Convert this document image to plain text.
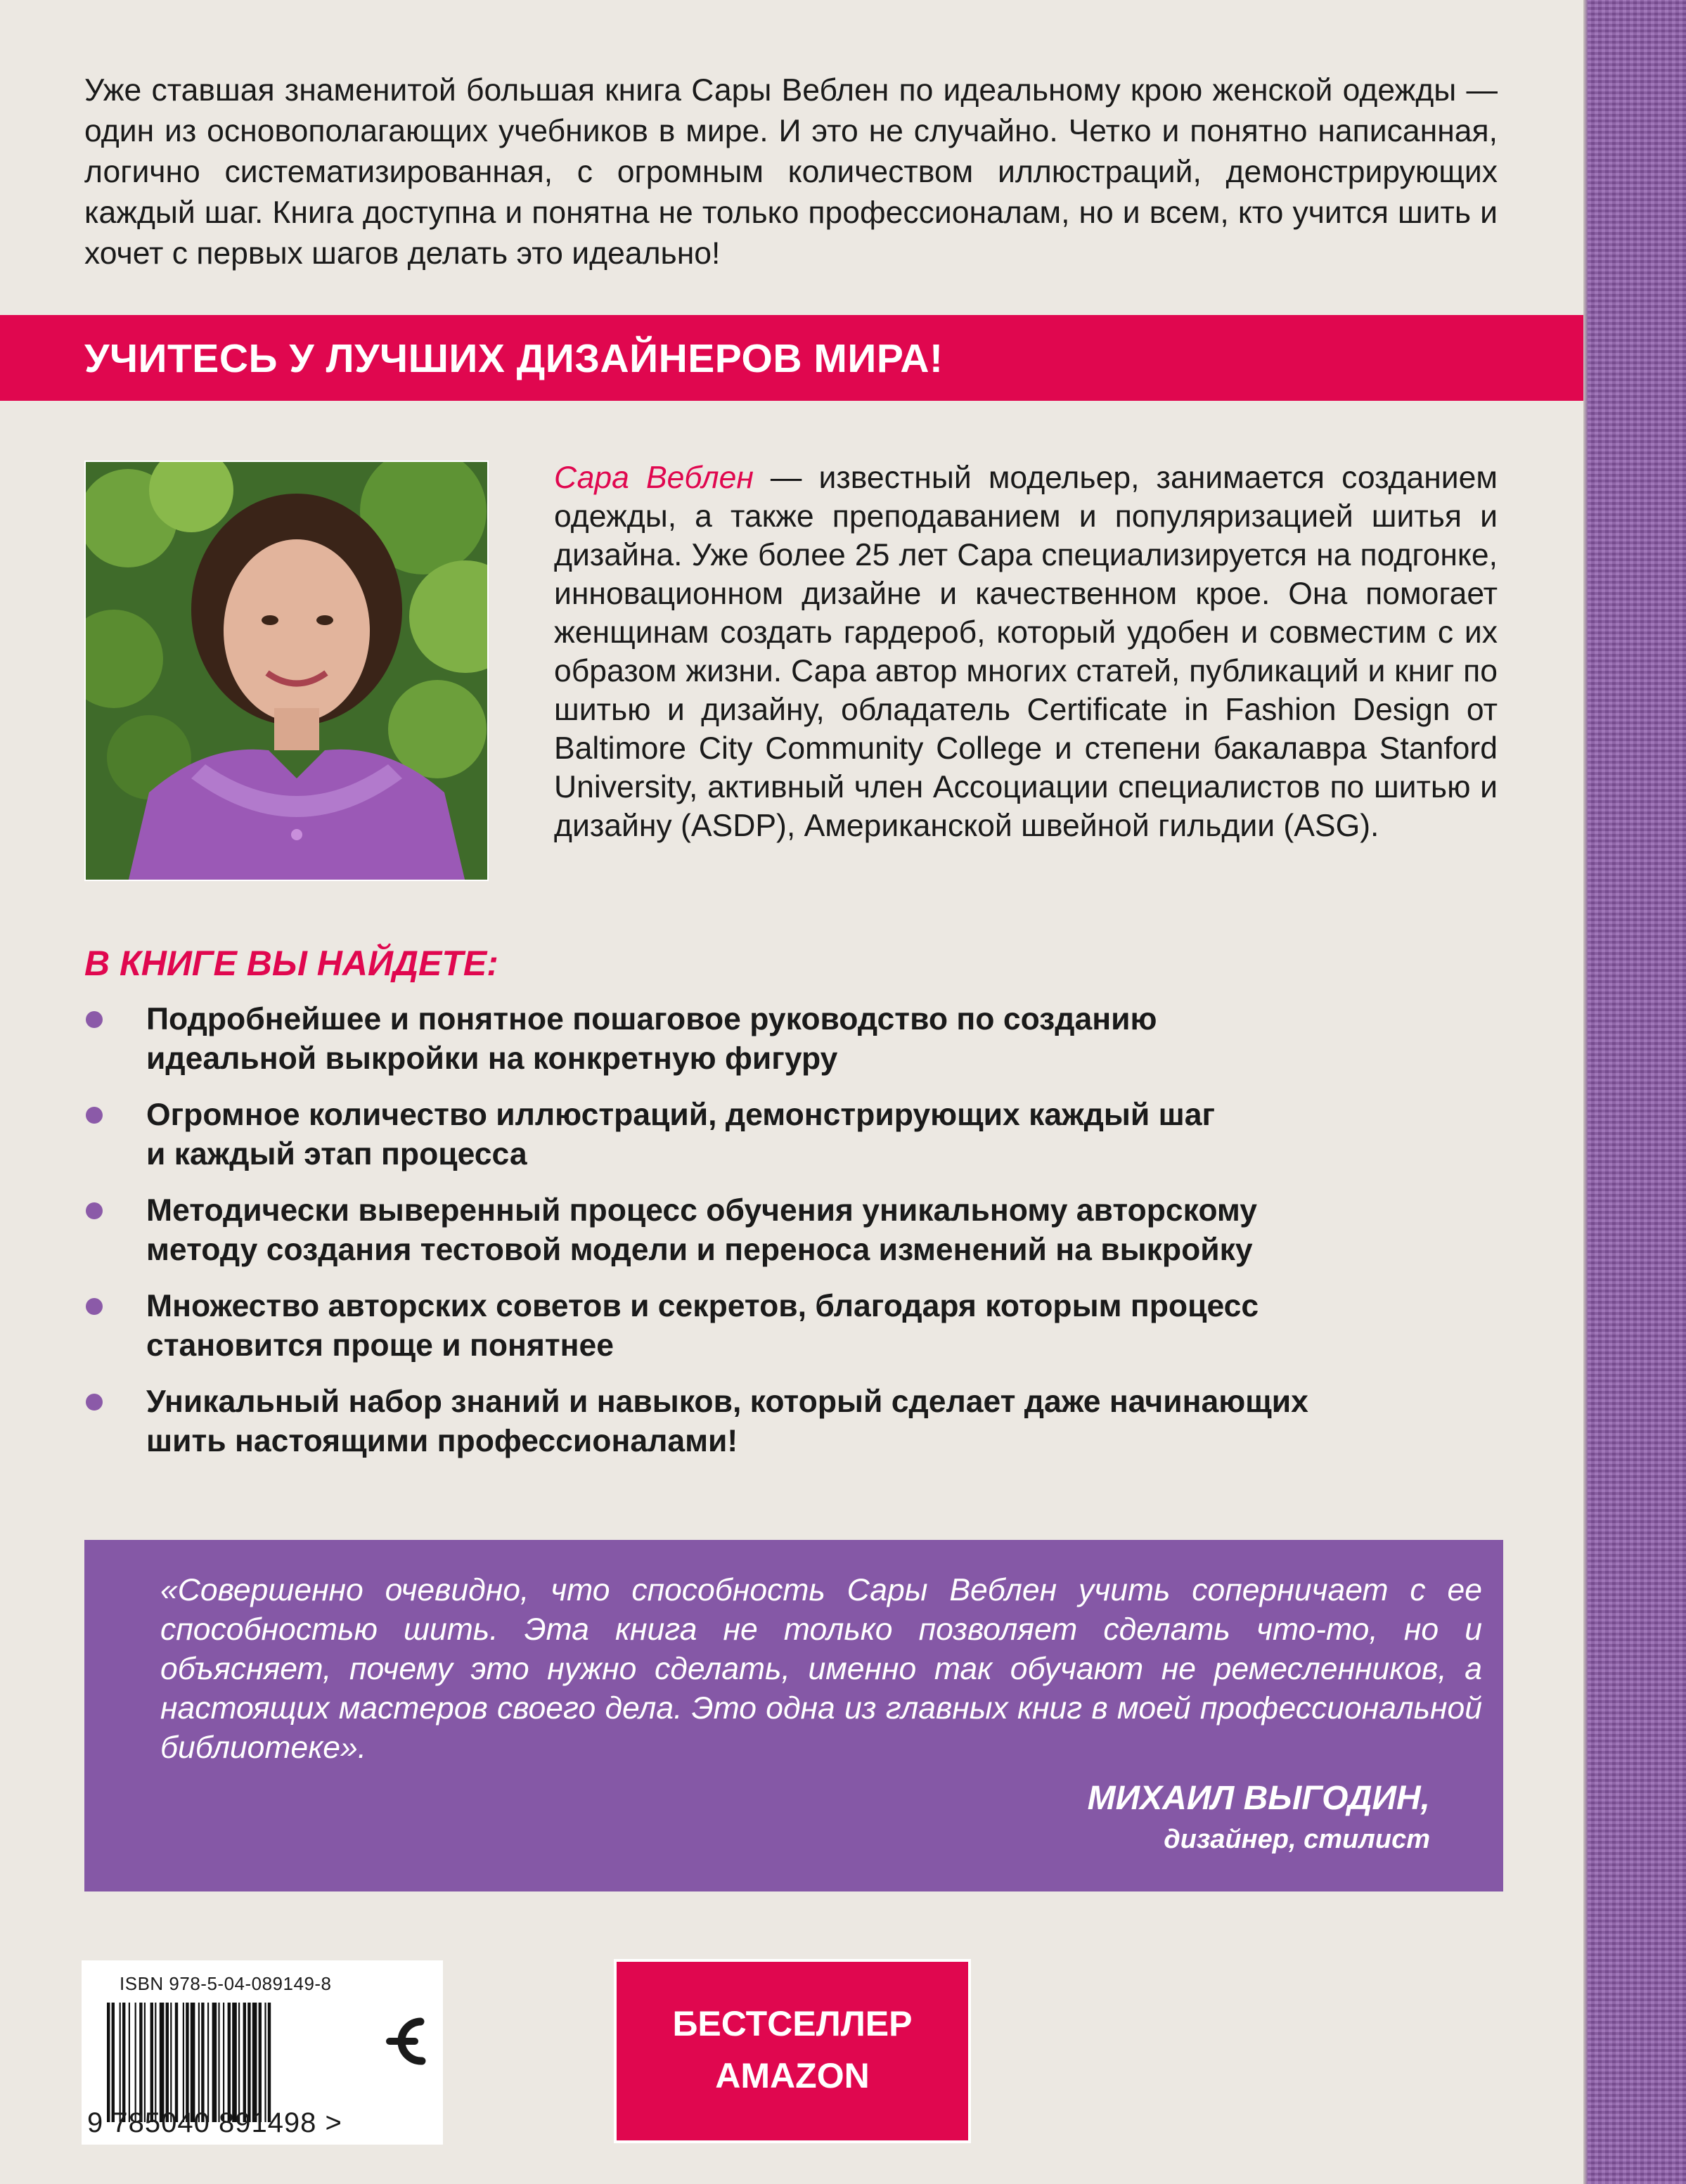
Уже ставшая знаменитой большая книга Сары Веблен по идеальному крою женской одежды — один из основополагающих учебников в мире. И это не случайно. Четко и понятно написанная, логично систематизированная, с огромным количеством иллюстраций, демонстрирующих каждый шаг. Книга доступна и понятна не только профессионалам, но и всем, кто учится шить и хочет с первых шагов делать это идеально!

УЧИТЕСЬ У ЛУЧШИХ ДИЗАЙНЕРОВ МИРА!

Сара Веблен — известный модельер, занимается созданием одежды, а также преподаванием и популяризацией шитья и дизайна. Уже более 25 лет Сара специализируется на подгонке, инновационном дизайне и качественном крое. Она помогает женщинам создать гардероб, который удобен и совместим с их образом жизни. Сара автор многих статей, публикаций и книг по шитью и дизайну, обладатель Certificate in Fashion Design от Baltimore City Community College и степени бакалавра Stanford University, активный член Ассоциации специалистов по шитью и дизайну (ASDP), Американской швейной гильдии (ASG).

В КНИГЕ ВЫ НАЙДЕТЕ:
Подробнейшее и понятное пошаговое руководство по созданию
идеальной выкройки на конкретную фигуру
Огромное количество иллюстраций, демонстрирующих каждый шаг
и каждый этап процесса
Методически выверенный процесс обучения уникальному авторскому
методу создания тестовой модели и переноса изменений на выкройку
Множество авторских советов и секретов, благодаря которым процесс
становится проще и понятнее
Уникальный набор знаний и навыков, который сделает даже начинающих
шить настоящими профессионалами!

«Совершенно очевидно, что способность Сары Веблен учить соперничает с ее способностью шить. Эта книга не только позволяет сделать что-то, но и объясняет, почему это нужно сделать, именно так обучают не ремесленников, а настоящих мастеров своего дела. Это одна из главных книг в моей профессиональной библиотеке».

МИХАИЛ ВЫГОДИН,
дизайнер, стилист
ISBN 978-5-04-089149-8
9 785040 891498 >
БЕСТСЕЛЛЕР
AMAZON
